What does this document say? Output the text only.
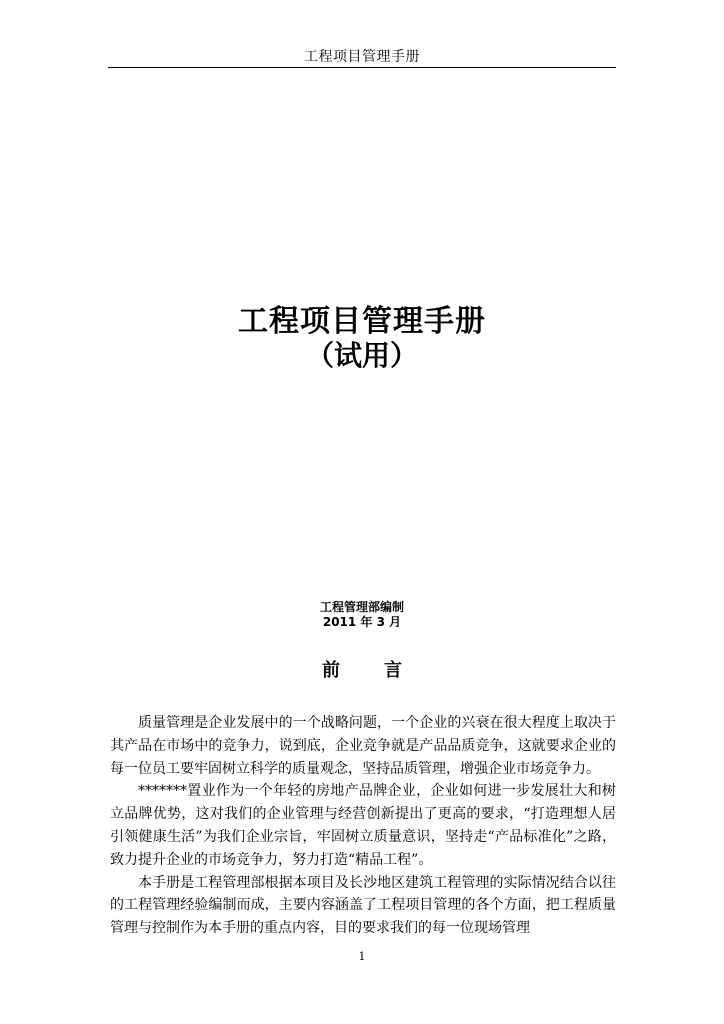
工程项目管理手册
工程项目管理手册
（试用）
工程管理部编制
2011 年 3 月
前 言

质量管理是企业发展中的一个战略问题，一个企业的兴衰在很大程度上取决于其产品在市场中的竞争力，说到底，企业竞争就是产品品质竞争，这就要求企业的每一位员工要牢固树立科学的质量观念，坚持品质管理，增强企业市场竞争力。

*******置业作为一个年轻的房地产品牌企业，企业如何进一步发展壮大和树立品牌优势，这对我们的企业管理与经营创新提出了更高的要求，“打造理想人居　引领健康生活”为我们企业宗旨，牢固树立质量意识，坚持走“产品标准化”之路，致力提升企业的市场竞争力，努力打造“精品工程”。

本手册是工程管理部根据本项目及长沙地区建筑工程管理的实际情况结合以往的工程管理经验编制而成，主要内容涵盖了工程项目管理的各个方面，把工程质量管理与控制作为本手册的重点内容，目的要求我们的每一位现场管理

1
